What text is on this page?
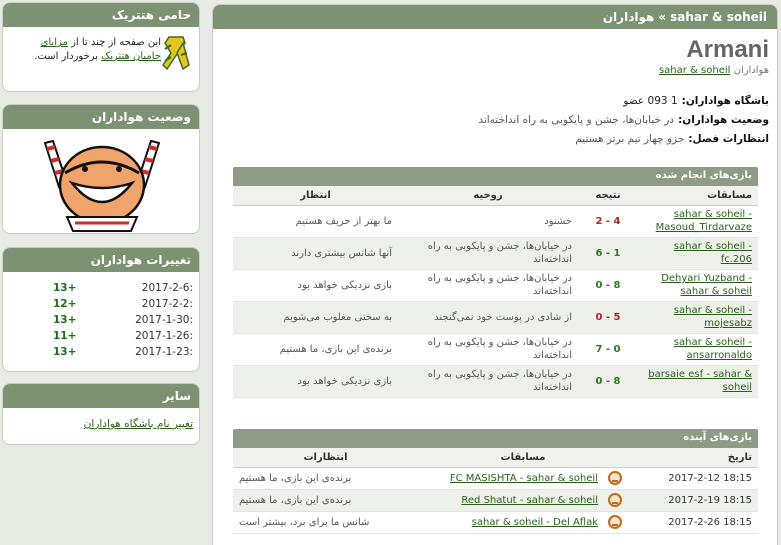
حامی هتتریک
این صفحه از چند تا از مزایای حامیان هتتریک برخوردار است.
وضعیت هواداران
تغییرات هواداران
+13	2017-2-6:
+12	2017-2-2:
+13	2017-1-30:
+11	2017-1-26:
+13	2017-1-23:
سایر
تغییر نام باشگاه هواداران
sahar & soheil»هواداران
Armani
هواداران sahar & soheil
باشگاه هواداران:1 093 عضو
وضعیت هواداران:در خیابان‌ها، جشن و پایکوبی به راه انداخته‌اند
انتظارات فصل:جزو چهار تیم برتر هستیم
بازی‌های انجام شده
مسابقات	نتیجه	روحیه	انتظار
sahar & soheil - Masoud_Tirdarvaze	2 - 4	خشنود	ما بهتر از حریف هستیم
sahar & soheil - fc.206	6 - 1	در خیابان‌ها، جشن و پایکوبی به راه انداخته‌اند	آنها شانس بیشتری دارند
Dehyari Yuzband - sahar & soheil	0 - 8	در خیابان‌ها، جشن و پایکوبی به راه انداخته‌اند	بازی نزدیکی خواهد بود
sahar & soheil - mojesabz	0 - 5	از شادی در پوست خود نمی‌گنجند	به سختی مغلوب می‌شویم
sahar & soheil - ansarronaldo	7 - 0	در خیابان‌ها، جشن و پایکوبی به راه انداخته‌اند	برنده‌ی این بازی، ما هستیم
barsaie esf - sahar & soheil	0 - 8	در خیابان‌ها، جشن و پایکوبی به راه انداخته‌اند	بازی نزدیکی خواهد بود
بازی‌های آینده
تاریخ	مسابقات	انتظارات
2017-2-12 18:15	FC MASISHTA - sahar & soheil	برنده‌ی این بازی، ما هستیم
2017-2-19 18:15	Red Shatut - sahar & soheil	برنده‌ی این بازی، ما هستیم
2017-2-26 18:15	sahar & soheil - Del Aflak	شانس ما برای برد، بیشتر است
